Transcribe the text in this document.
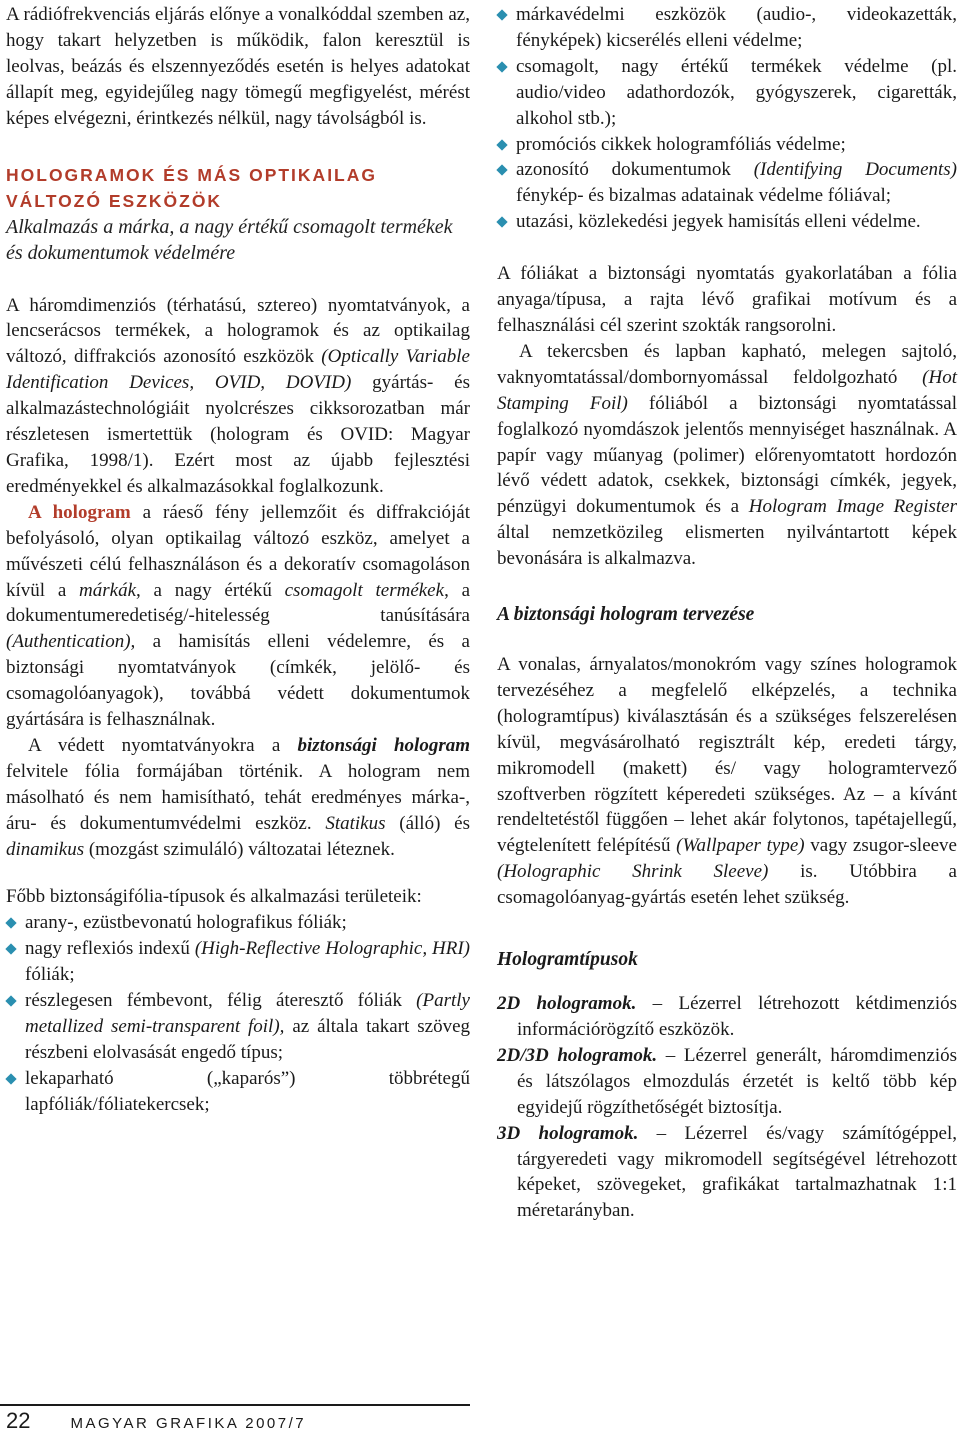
A rádiófrekvenciás eljárás előnye a vonalkóddal szemben az, hogy takart helyzetben is működik, falon keresztül is leolvas, beázás és elszennyeződés esetén is helyes adatokat állapít meg, egyidejűleg nagy tömegű megfigyelést, mérést képes elvégezni, érintkezés nélkül, nagy távolságból is.

HOLOGRAMOK ÉS MÁS OPTIKAILAG VÁLTOZÓ ESZKÖZÖK

Alkalmazás a márka, a nagy értékű csomagolt termékek és dokumentumok védelmére

A háromdimenziós (térhatású, sztereo) nyomtatványok, a lencserácsos termékek, a hologramok és az optikailag változó, diffrakciós azonosító eszközök (Optically Variable Identification Devices, OVID, DOVID) gyártás- és alkalmazástechnológiáit nyolcrészes cikksorozatban már részletesen ismertettük (hologram és OVID: Magyar Grafika, 1998/1). Ezért most az újabb fejlesztési eredményekkel és alkalmazásokkal foglalkozunk.

A hologram a ráeső fény jellemzőit és diffrakcióját befolyásoló, olyan optikailag változó eszköz, amelyet a művészeti célú felhasználáson és a dekoratív csomagoláson kívül a márkák, a nagy értékű csomagolt termékek, a dokumentumeredetiség/-hitelesség tanúsítására (Authentication), a hamisítás elleni védelemre, és a biztonsági nyomtatványok (címkék, jelölő- és csomagolóanyagok), továbbá védett dokumentumok gyártására is felhasználnak.

A védett nyomtatványokra a biztonsági hologram felvitele fólia formájában történik. A hologram nem másolható és nem hamisítható, tehát eredményes márka-, áru- és dokumentumvédelmi eszköz. Statikus (álló) és dinamikus (mozgást szimuláló) változatai léteznek.

Főbb biztonságifólia-típusok és alkalmazási területeik:

arany-, ezüstbevonatú holografikus fóliák;
nagy reflexiós indexű (High-Reflective Holographic, HRI) fóliák;
részlegesen fémbevont, félig áteresztő fóliák (Partly metallized semi-transparent foil), az általa takart szöveg részbeni elolvasását engedő típus;
lekaparható („kaparós”) többrétegű lapfóliák/fóliatekercsek;
márkavédelmi eszközök (audio-, videokazetták, fényképek) kicserélés elleni védelme;
csomagolt, nagy értékű termékek védelme (pl. audio/video adathordozók, gyógyszerek, cigaretták, alkohol stb.);
promóciós cikkek hologramfóliás védelme;
azonosító dokumentumok (Identifying Documents) fénykép- és bizalmas adatainak védelme fóliával;
utazási, közlekedési jegyek hamisítás elleni védelme.

A fóliákat a biztonsági nyomtatás gyakorlatában a fólia anyaga/típusa, a rajta lévő grafikai motívum és a felhasználási cél szerint szokták rangsorolni.

A tekercsben és lapban kapható, melegen sajtoló, vaknyomtatással/dombornyomással feldolgozható (Hot Stamping Foil) fóliából a biztonsági nyomtatással foglalkozó nyomdászok jelentős mennyiséget használnak. A papír vagy műanyag (polimer) előrenyomtatott hordozón lévő védett adatok, csekkek, biztonsági címkék, jegyek, pénzügyi dokumentumok és a Hologram Image Register által nemzetközileg elismerten nyilvántartott képek bevonására is alkalmazva.

A biztonsági hologram tervezése

A vonalas, árnyalatos/monokróm vagy színes hologramok tervezéséhez a megfelelő elképzelés, a technika (hologramtípus) kiválasztásán és a szükséges felszerelésen kívül, megvásárolható regisztrált kép, eredeti tárgy, mikromodell (makett) és/ vagy hologramtervező szoftverben rögzített képeredeti szükséges. Az – a kívánt rendeltetéstől függően – lehet akár folytonos, tapétajellegű, végtelenített felépítésű (Wallpaper type) vagy zsugor-sleeve (Holographic Shrink Sleeve) is. Utóbbira a csomagolóanyag-gyártás esetén lehet szükség.

Hologramtípusok

2D hologramok. – Lézerrel létrehozott kétdimenziós információrögzítő eszközök.

2D/3D hologramok. – Lézerrel generált, háromdimenziós és látszólagos elmozdulás érzetét is keltő több kép egyidejű rögzíthetőségét biztosítja.

3D hologramok. – Lézerrel és/vagy számítógéppel, tárgyeredeti vagy mikromodell segítségével létrehozott képeket, szövegeket, grafikákat tartalmazhatnak 1:1 méretarányban.

22	MAGYAR GRAFIKA 2007/7
